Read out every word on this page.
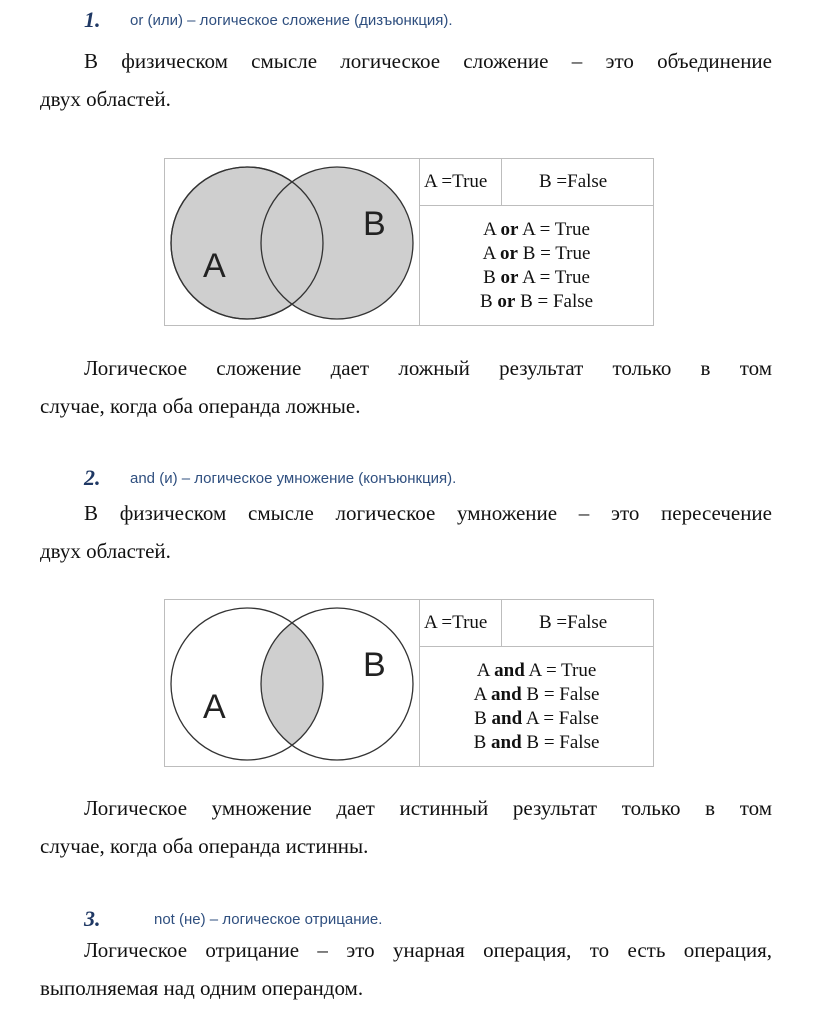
1.	or (или) – логическое сложение (дизъюнкция).
В физическом смысле логическое сложение – это объединение
двух областей.
A
B
A =True	B =False
A or A = True
A or B = True
B or A = True
B or B = False
Логическое сложение дает ложный результат только в том
случае, когда оба операнда ложные.
2.	and (и) – логическое умножение (конъюнкция).
В физическом смысле логическое умножение – это пересечение
двух областей.
A
B
A =True	B =False
A and A = True
A and B = False
B and A = False
B and B = False
Логическое умножение дает истинный результат только в том
случае, когда оба операнда истинны.
3.	not (не) – логическое отрицание.
Логическое отрицание – это унарная операция, то есть операция,
выполняемая над одним операндом.
